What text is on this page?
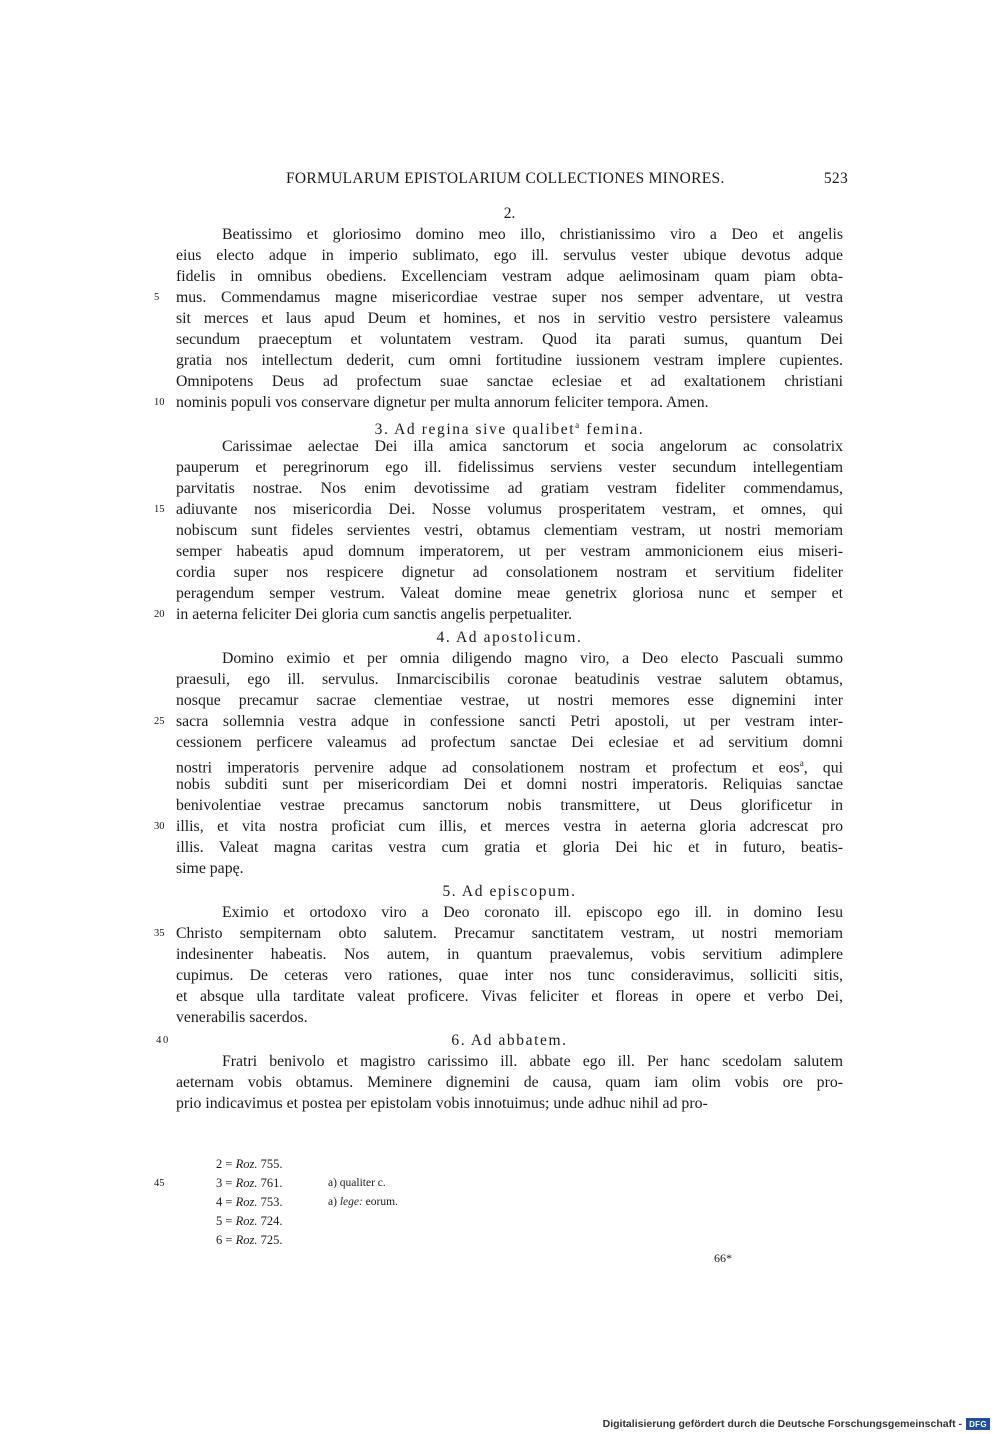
FORMULARUM EPISTOLARIUM COLLECTIONES MINORES.	523
2.
Beatissimo et gloriosimo domino meo illo, christianissimo viro a Deo et angelis
eius electo adque in imperio sublimato, ego ill. servulus vester ubique devotus adque
fidelis in omnibus obediens. Excellenciam vestram adque aelimosinam quam piam obta-
5	mus. Commendamus magne misericordiae vestrae super nos semper adventare, ut vestra
sit merces et laus apud Deum et homines, et nos in servitio vestro persistere valeamus
secundum praeceptum et voluntatem vestram. Quod ita parati sumus, quantum Dei
gratia nos intellectum dederit, cum omni fortitudine iussionem vestram implere cupientes.
Omnipotens Deus ad profectum suae sanctae eclesiae et ad exaltationem christiani
10 nominis populi vos conservare dignetur per multa annorum feliciter tempora. Amen.
3. Ad regina sive qualibet$^a$ femina.
Carissimae aelectae Dei illa amica sanctorum et socia angelorum ac consolatrix
pauperum et peregrinorum ego ill. fidelissimus serviens vester secundum intellegentiam
parvitatis nostrae. Nos enim devotissime ad gratiam vestram fideliter commendamus,
15 adiuvante nos misericordia Dei. Nosse volumus prosperitatem vestram, et omnes, qui
nobiscum sunt fideles servientes vestri, obtamus clementiam vestram, ut nostri memoriam
semper habeatis apud domnum imperatorem, ut per vestram ammonicionem eius miseri-
cordia super nos respicere dignetur ad consolationem nostram et servitium fideliter
peragendum semper vestrum. Valeat domine meae genetrix gloriosa nunc et semper et
20 in aeterna feliciter Dei gloria cum sanctis angelis perpetualiter.
4. Ad apostolicum.
Domino eximio et per omnia diligendo magno viro, a Deo electo Pascuali summo
praesuli, ego ill. servulus. Inmarciscibilis coronae beatudinis vestrae salutem obtamus,
nosque precamur sacrae clementiae vestrae, ut nostri memores esse dignemini inter
25 sacra sollemnia vestra adque in confessione sancti Petri apostoli, ut per vestram inter-
cessionem perficere valeamus ad profectum sanctae Dei eclesiae et ad servitium domni
nostri imperatoris pervenire adque ad consolationem nostram et profectum et eos$^a$, qui
nobis subditi sunt per misericordiam Dei et domni nostri imperatoris. Reliquias sanctae
benivolentiae vestrae precamus sanctorum nobis transmittere, ut Deus glorificetur in
30 illis, et vita nostra proficiat cum illis, et merces vestra in aeterna gloria adcrescat pro
illis. Valeat magna caritas vestra cum gratia et gloria Dei hic et in futuro, beatis-
sime papę.
5. Ad episcopum.
Eximio et ortodoxo viro a Deo coronato ill. episcopo ego ill. in domino Iesu
35 Christo sempiternam obto salutem. Precamur sanctitatem vestram, ut nostri memoriam
indesinenter habeatis. Nos autem, in quantum praevalemus, vobis servitium adimplere
cupimus. De ceteras vero rationes, quae inter nos tunc consideravimus, solliciti sitis,
et absque ulla tarditate valeat proficere. Vivas feliciter et floreas in opere et verbo Dei,
venerabilis sacerdos.
40	6. Ad abbatem.
Fratri benivolo et magistro carissimo ill. abbate ego ill. Per hanc scedolam salutem
aeternam vobis obtamus. Meminere dignemini de causa, quam iam olim vobis ore pro-
prio indicavimus et postea per epistolam vobis innotuimus; unde adhuc nihil ad pro-
2 = Roz. 755.
45	3 = Roz. 761.	a) qualiter c.
4 = Roz. 753.	a) lege: eorum.
5 = Roz. 724.
6 = Roz. 725.
66*
Digitalisierung gefördert durch die Deutsche Forschungsgemeinschaft - DFG
